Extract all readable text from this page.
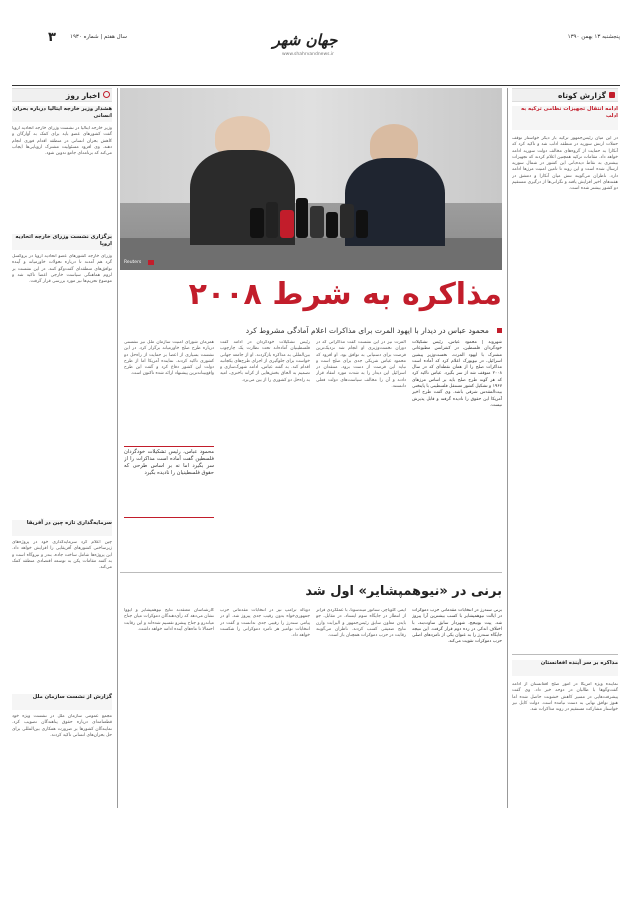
پنجشنبه ۱۳ بهمن ۱۳۹۰
جهان شهر
www.shahrvandnews.ir
سال هفتم | شماره ۱۹۳۰
۳
گزارش کوتاه
ادامه انتقال تجهیزات نظامی ترکیه به ادلب
در این میان رئیس‌جمهور ترکیه بار دیگر خواستار توقف حملات ارتش سوریه در منطقه ادلب شد و تاکید کرد که آنکارا به حمایت از گروه‌های مخالف دولت سوریه ادامه خواهد داد. مقامات ترکیه همچنین اعلام کردند که تجهیزات بیشتری به نقاط دیده‌بانی این کشور در شمال سوریه ارسال شده است و این روند تا تامین امنیت مرزها ادامه دارد. ناظران می‌گویند تنش میان آنکارا و دمشق در هفته‌های اخیر افزایش یافته و نگرانی‌ها از درگیری مستقیم دو کشور بیشتر شده است.
مذاکره بر سر آینده افغانستان
نماینده ویژه آمریکا در امور صلح افغانستان از ادامه گفت‌وگوها با طالبان در دوحه خبر داد. وی گفت پیشرفت‌هایی در مسیر کاهش خشونت حاصل شده اما هنوز توافق نهایی به دست نیامده است. دولت کابل نیز خواستار مشارکت مستقیم در روند مذاکرات شد.
اخبار روز
هشدار وزیر خارجه ایتالیا درباره بحران انسانی
وزیر خارجه ایتالیا در نشست وزرای خارجه اتحادیه اروپا گفت کشورهای عضو باید برای کمک به آوارگان و کاهش بحران انسانی در منطقه اقدام فوری انجام دهند. وی افزود مسئولیت مشترک اروپایی‌ها ایجاب می‌کند که برنامه‌ای جامع تدوین شود.
برگزاری نشست وزرای خارجه اتحادیه اروپا
وزرای خارجه کشورهای عضو اتحادیه اروپا در بروکسل گرد هم آمدند تا درباره تحولات خاورمیانه و آینده توافق‌های منطقه‌ای گفت‌وگو کنند. در این نشست بر لزوم هماهنگی سیاست خارجی اعضا تاکید شد و موضوع تحریم‌ها نیز مورد بررسی قرار گرفت.
سرمایه‌گذاری تازه چین در آفریقا
چین اعلام کرد سرمایه‌گذاری خود در پروژه‌های زیرساختی کشورهای آفریقایی را افزایش خواهد داد. این پروژه‌ها شامل ساخت جاده، بندر و نیروگاه است و به گفته مقامات پکن به توسعه اقتصادی منطقه کمک می‌کند.
گزارش از نشست سازمان ملل
مجمع عمومی سازمان ملل در نشست ویژه خود قطعنامه‌ای درباره حقوق پناهندگان تصویب کرد. نمایندگان کشورها بر ضرورت همکاری بین‌المللی برای حل بحران‌های انسانی تاکید کردند.
Reuters
مذاکره به شرط ۲۰۰۸
محمود عباس در دیدار با ایهود المرت برای مذاکرات اعلام آمادگی مشروط کرد
شهروند | محمود عباس، رئیس تشکیلات خودگردان فلسطین، در کنفرانس مطبوعاتی مشترک با ایهود المرت، نخست‌وزیر پیشین اسرائیل، در نیویورک اعلام کرد که آماده است مذاکرات صلح را از همان نقطه‌ای که در سال ۲۰۰۸ متوقف شد از سر بگیرد. عباس تاکید کرد که هر گونه طرح صلح باید بر اساس مرزهای ۱۹۶۷ و تشکیل کشور مستقل فلسطینی با پایتختی بیت‌المقدس شرقی باشد. وی گفت طرح اخیر آمریکا این حقوق را نادیده گرفته و قابل پذیرش نیست.
المرت نیز در این نشست گفت مذاکراتی که در دوران نخست‌وزیری او انجام شد نزدیک‌ترین فرصت برای دستیابی به توافق بود. او افزود که محمود عباس شریکی جدی برای صلح است و نباید این فرصت از دست برود. منتقدان در اسرائیل این دیدار را به شدت مورد انتقاد قرار دادند و آن را مخالف سیاست‌های دولت فعلی دانستند.
رئیس تشکیلات خودگردان در ادامه گفت فلسطینیان آماده‌اند تحت نظارت یک چارچوب بین‌المللی به مذاکره بازگردند. او از جامعه جهانی خواست برای جلوگیری از اجرای طرح‌های یکجانبه اقدام کند. به گفته عباس، ادامه شهرک‌سازی و تصمیم به الحاق بخش‌هایی از کرانه باختری، امید به راه‌حل دو کشوری را از بین می‌برد.
همزمان شورای امنیت سازمان ملل نیز نشستی درباره طرح صلح خاورمیانه برگزار کرد. در این نشست بسیاری از اعضا بر حمایت از راه‌حل دو کشوری تاکید کردند. نماینده آمریکا اما از طرح دولت این کشور دفاع کرد و گفت این طرح واقع‌بینانه‌ترین پیشنهاد ارائه شده تاکنون است.
محمود عباس، رئیس تشکیلات خودگردان فلسطین گفت آماده است مذاکرات را از سر بگیرد اما نه بر اساس طرحی که حقوق فلسطینیان را نادیده بگیرد
برنی در «نیوهمپشایر» اول شد
برنی سندرز در انتخابات مقدماتی حزب دموکرات در ایالت نیوهمپشایر با کسب بیشترین آرا پیروز شد. پیت بوتیجج، شهردار سابق ساوت‌بند، با اختلاف اندکی در رده دوم قرار گرفت. این نتیجه جایگاه سندرز را به عنوان یکی از نامزدهای اصلی حزب دموکرات تقویت می‌کند.
ایمی کلوباچر، سناتور مینه‌سوتا، با عملکردی فراتر از انتظار در جایگاه سوم ایستاد. در مقابل، جو بایدن معاون سابق رئیس‌جمهور و الیزابت وارن نتایج ضعیفی کسب کردند. ناظران می‌گویند رقابت در حزب دموکرات همچنان باز است.
دونالد ترامپ نیز در انتخابات مقدماتی حزب جمهوری‌خواه بدون رقیب جدی پیروز شد. او در پیامی سندرز را رقیبی جدی ندانست و گفت در انتخابات نوامبر هر نامزد دموکراتی را شکست خواهد داد.
کارشناسان معتقدند نتایج نیوهمپشایر و آیووا نشان می‌دهد که رأی‌دهندگان دموکرات میان جناح میانه‌رو و جناح پیشرو تقسیم شده‌اند و این رقابت احتمالا تا ماه‌های آینده ادامه خواهد داشت.
